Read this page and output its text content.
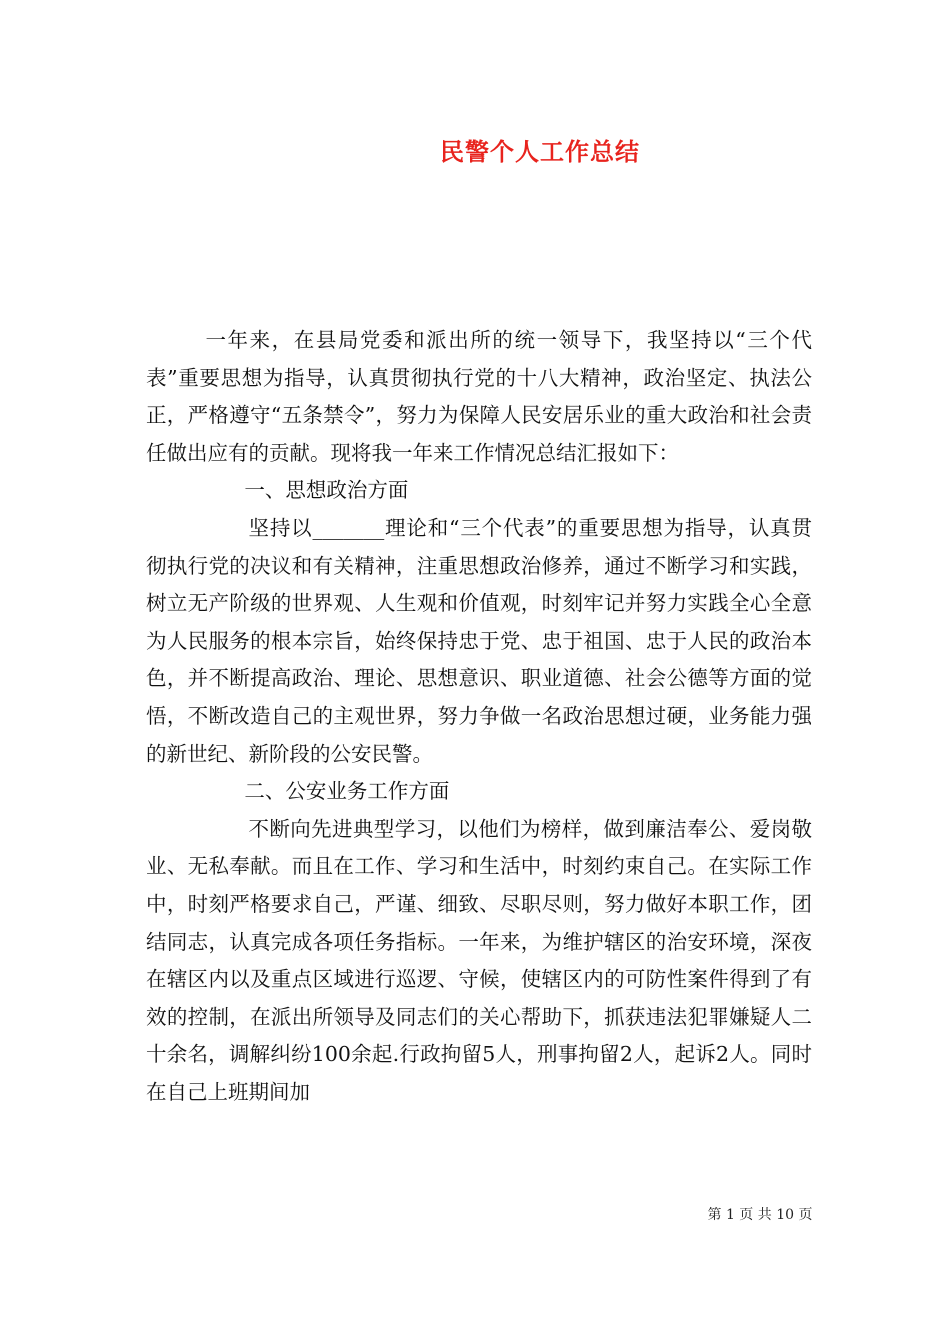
民警个人工作总结

一年来，在县局党委和派出所的统一领导下，我坚持以“三个代表”重要思想为指导，认真贯彻执行党的十八大精神，政治坚定、执法公正，严格遵守“五条禁令”，努力为保障人民安居乐业的重大政治和社会责任做出应有的贡献。现将我一年来工作情况总结汇报如下：

一、思想政治方面

坚持以_______理论和“三个代表”的重要思想为指导，认真贯彻执行党的决议和有关精神，注重思想政治修养，通过不断学习和实践，树立无产阶级的世界观、人生观和价值观，时刻牢记并努力实践全心全意为人民服务的根本宗旨，始终保持忠于党、忠于祖国、忠于人民的政治本色，并不断提高政治、理论、思想意识、职业道德、社会公德等方面的觉悟，不断改造自己的主观世界，努力争做一名政治思想过硬，业务能力强的新世纪、新阶段的公安民警。

二、公安业务工作方面

不断向先进典型学习，以他们为榜样，做到廉洁奉公、爱岗敬业、无私奉献。而且在工作、学习和生活中，时刻约束自己。在实际工作中，时刻严格要求自己，严谨、细致、尽职尽则，努力做好本职工作，团结同志，认真完成各项任务指标。一年来，为维护辖区的治安环境，深夜在辖区内以及重点区域进行巡逻、守候，使辖区内的可防性案件得到了有效的控制，在派出所领导及同志们的关心帮助下，抓获违法犯罪嫌疑人二十余名，调解纠纷100余起.行政拘留5人，刑事拘留2人，起诉2人。同时在自己上班期间加

第 1 页 共 10 页
